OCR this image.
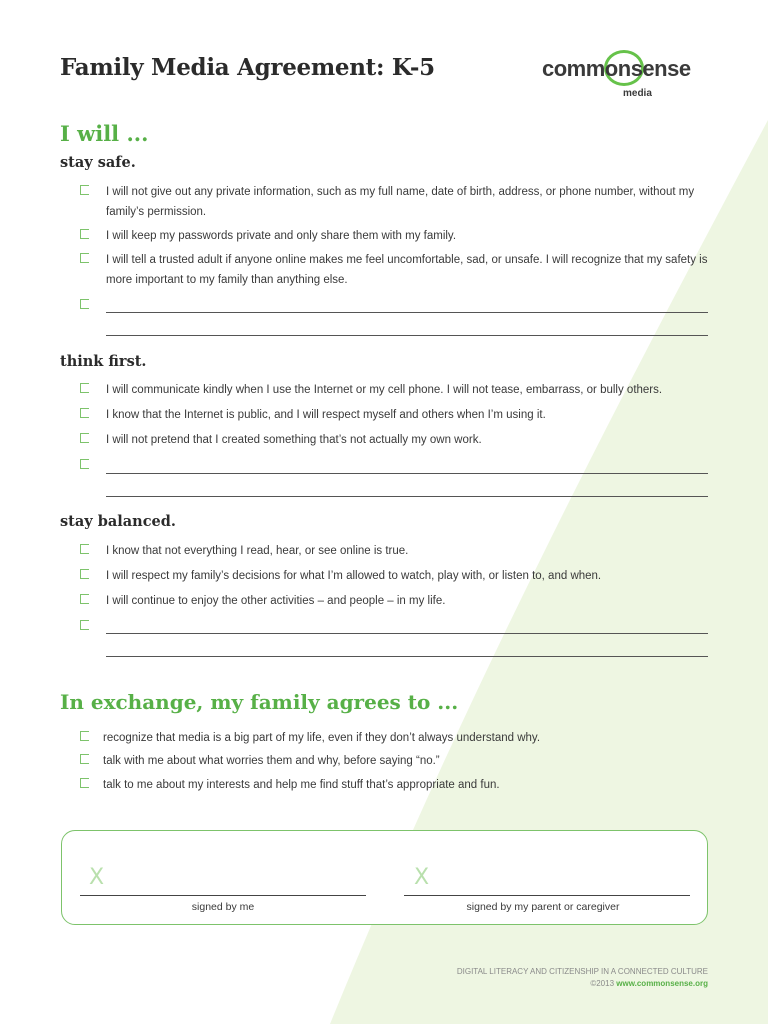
Family Media Agreement: K-5	commonsense
media
I will ...
stay safe.
I will not give out any private information, such as my full name, date of birth, address, or phone number, without my family’s permission.
I will keep my passwords private and only share them with my family.
I will tell a trusted adult if anyone online makes me feel uncomfortable, sad, or unsafe. I will recognize that my safety is more important to my family than anything else.
think first.
I will communicate kindly when I use the Internet or my cell phone. I will not tease, embarrass, or bully others.
I know that the Internet is public, and I will respect myself and others when I’m using it.
I will not pretend that I created something that’s not actually my own work.
stay balanced.
I know that not everything I read, hear, or see online is true.
I will respect my family’s decisions for what I’m allowed to watch, play with, or listen to, and when.
I will continue to enjoy the other activities – and people – in my life.
In exchange, my family agrees to ...
recognize that media is a big part of my life, even if they don’t always understand why.
talk with me about what worries them and why, before saying “no.”
talk to me about my interests and help me find stuff that’s appropriate and fun.
X
signed by me
X
signed by my parent or caregiver
DIGITAL LITERACY AND CITIZENSHIP IN A CONNECTED CULTURE
©2013 www.commonsense.org
